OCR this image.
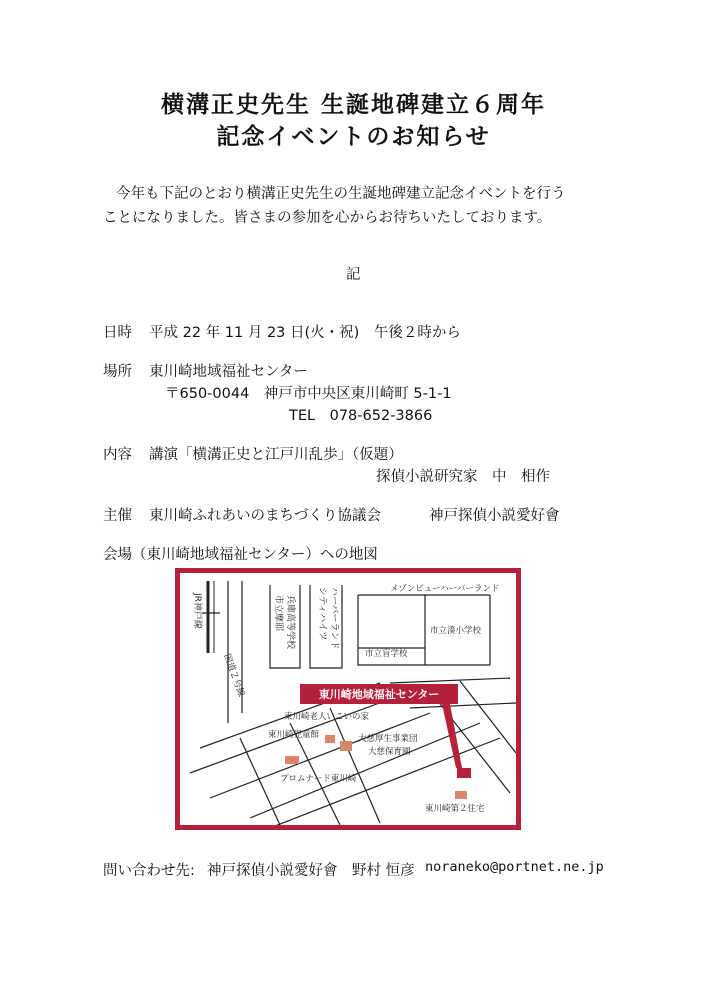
横溝正史先生 生誕地碑建立６周年
記念イベントのお知らせ
今年も下記のとおり横溝正史先生の生誕地碑建立記念イベントを行う
ことになりました。皆さまの参加を心からお待ちいたしております。
記
日時 平成 22 年 11 月 23 日(火・祝)　午後２時から
場所 東川崎地域福祉センター
〒650-0044　神戸市中央区東川崎町 5-1-1
TEL　078-652-3866
内容 講演「横溝正史と江戸川乱歩」（仮題）
探偵小説研究家　中　相作
主催 東川崎ふれあいのまちづくり協議会	神戸探偵小説愛好會
会場（東川崎地域福祉センター）への地図
東川崎地域福祉センター
メゾンピューハーバーランド
市立湊小学校
市立盲学校
東川崎老人いこいの家
東川崎児童館	大慈厚生事業団
大慈保育園
プロムナード東川崎
東川崎第２住宅
JR神戸線
国道２号線
市立摩耶 兵庫高等学校 シティハイツ ハーバーランド
問い合わせ先: 神戸探偵小説愛好會 野村 恒彦 noraneko@portnet.ne.jp
